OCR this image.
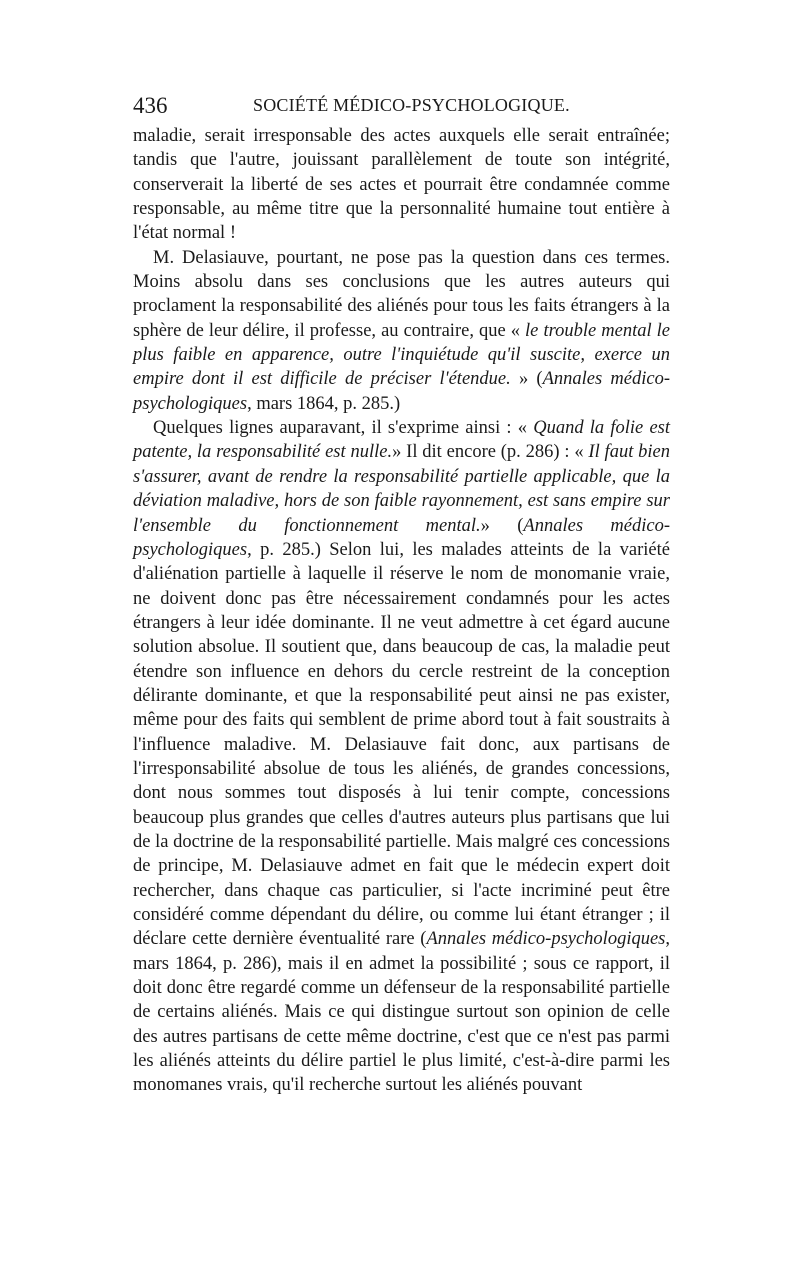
436	SOCIÉTÉ MÉDICO-PSYCHOLOGIQUE.

maladie, serait irresponsable des actes auxquels elle serait entraînée; tandis que l'autre, jouissant parallèlement de toute son intégrité, conserverait la liberté de ses actes et pourrait être condamnée comme responsable, au même titre que la personnalité humaine tout entière à l'état normal !

M. Delasiauve, pourtant, ne pose pas la question dans ces termes. Moins absolu dans ses conclusions que les autres auteurs qui proclament la responsabilité des aliénés pour tous les faits étrangers à la sphère de leur délire, il professe, au contraire, que « le trouble mental le plus faible en apparence, outre l'inquiétude qu'il suscite, exerce un empire dont il est difficile de préciser l'étendue. » (Annales médico-psychologiques, mars 1864, p. 285.)

Quelques lignes auparavant, il s'exprime ainsi : « Quand la folie est patente, la responsabilité est nulle.» Il dit encore (p. 286) : « Il faut bien s'assurer, avant de rendre la responsabilité partielle applicable, que la déviation maladive, hors de son faible rayonnement, est sans empire sur l'ensemble du fonctionnement mental.» (Annales médico-psychologiques, p. 285.) Selon lui, les malades atteints de la variété d'aliénation partielle à laquelle il réserve le nom de monomanie vraie, ne doivent donc pas être nécessairement condamnés pour les actes étrangers à leur idée dominante. Il ne veut admettre à cet égard aucune solution absolue. Il soutient que, dans beaucoup de cas, la maladie peut étendre son influence en dehors du cercle restreint de la conception délirante dominante, et que la responsabilité peut ainsi ne pas exister, même pour des faits qui semblent de prime abord tout à fait soustraits à l'influence maladive. M. Delasiauve fait donc, aux partisans de l'irresponsabilité absolue de tous les aliénés, de grandes concessions, dont nous sommes tout disposés à lui tenir compte, concessions beaucoup plus grandes que celles d'autres auteurs plus partisans que lui de la doctrine de la responsabilité partielle. Mais malgré ces concessions de principe, M. Delasiauve admet en fait que le médecin expert doit rechercher, dans chaque cas particulier, si l'acte incriminé peut être considéré comme dépendant du délire, ou comme lui étant étranger ; il déclare cette dernière éventualité rare (Annales médico-psychologiques, mars 1864, p. 286), mais il en admet la possibilité ; sous ce rapport, il doit donc être regardé comme un défenseur de la responsabilité partielle de certains aliénés. Mais ce qui distingue surtout son opinion de celle des autres partisans de cette même doctrine, c'est que ce n'est pas parmi les aliénés atteints du délire partiel le plus limité, c'est-à-dire parmi les monomanes vrais, qu'il recherche surtout les aliénés pouvant
